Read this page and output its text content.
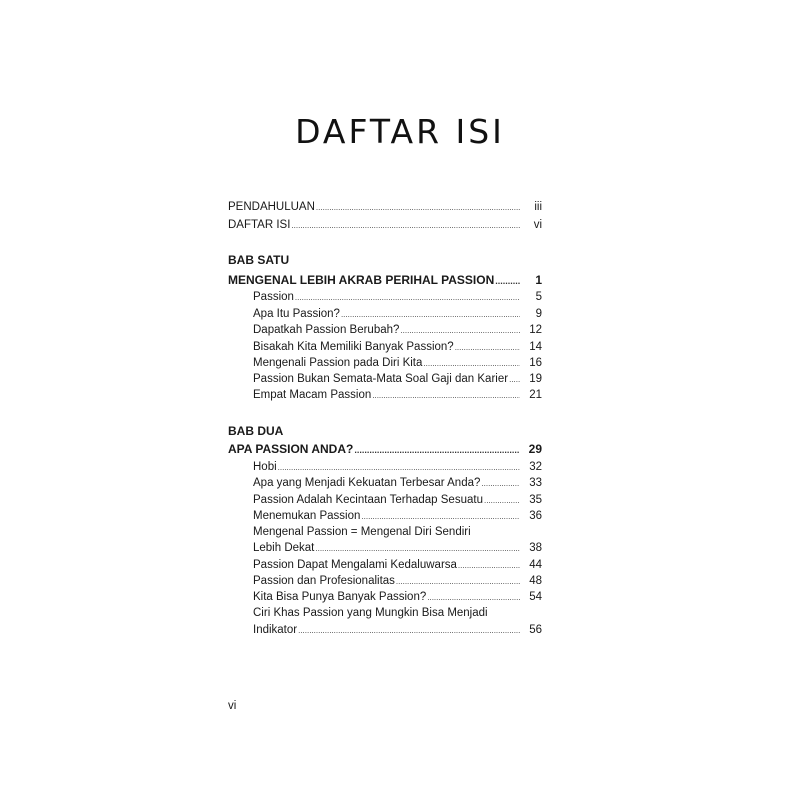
DAFTAR ISI
PENDAHULUAN .....	iii
DAFTAR ISI .....	vi
BAB SATU
MENGENAL LEBIH AKRAB PERIHAL PASSION .....	1
Passion .....	5
Apa Itu Passion? .....	9
Dapatkah Passion Berubah? .....	12
Bisakah Kita Memiliki Banyak Passion? .....	14
Mengenali Passion pada Diri Kita .....	16
Passion Bukan Semata-Mata Soal Gaji dan Karier .....	19
Empat Macam Passion .....	21
BAB DUA
APA PASSION ANDA? .....	29
Hobi .....	32
Apa yang Menjadi Kekuatan Terbesar Anda? .....	33
Passion Adalah Kecintaan Terhadap Sesuatu .....	35
Menemukan Passion .....	36
Mengenal Passion = Mengenal Diri Sendiri
Lebih Dekat .....	38
Passion Dapat Mengalami Kedaluwarsa .....	44
Passion dan Profesionalitas .....	48
Kita Bisa Punya Banyak Passion? .....	54
Ciri Khas Passion yang Mungkin Bisa Menjadi
Indikator .....	56
vi
